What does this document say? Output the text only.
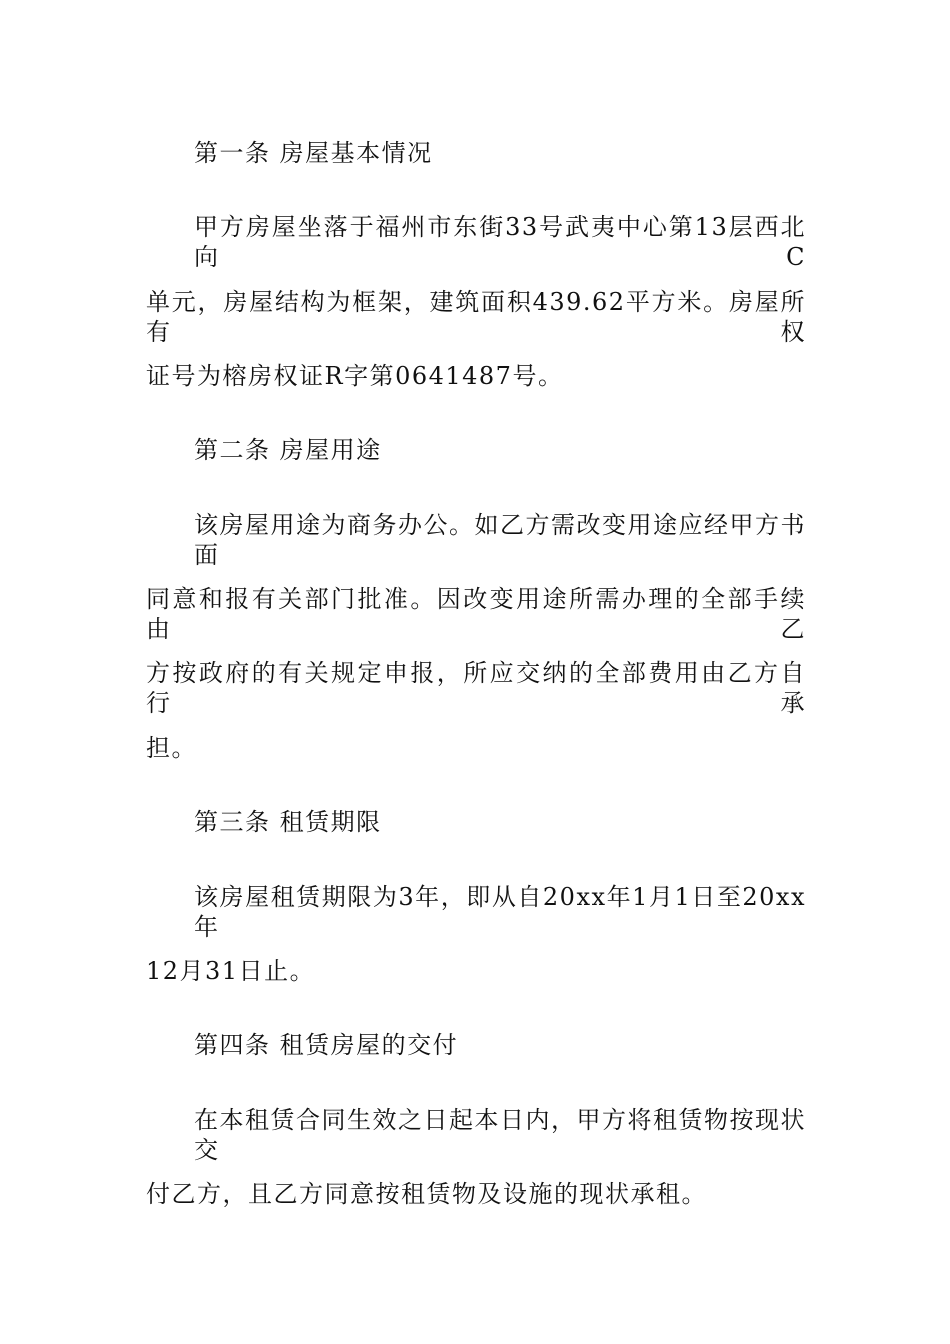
第一条 房屋基本情况
甲方房屋坐落于福州市东街33号武夷中心第13层西北向C
单元，房屋结构为框架，建筑面积439.62平方米。房屋所有权
证号为榕房权证R字第0641487号。
第二条 房屋用途
该房屋用途为商务办公。如乙方需改变用途应经甲方书面
同意和报有关部门批准。因改变用途所需办理的全部手续由乙
方按政府的有关规定申报，所应交纳的全部费用由乙方自行承
担。
第三条 租赁期限
该房屋租赁期限为3年，即从自20xx年1月1日至20xx年
12月31日止。
第四条 租赁房屋的交付
在本租赁合同生效之日起本日内，甲方将租赁物按现状交
付乙方，且乙方同意按租赁物及设施的现状承租。
